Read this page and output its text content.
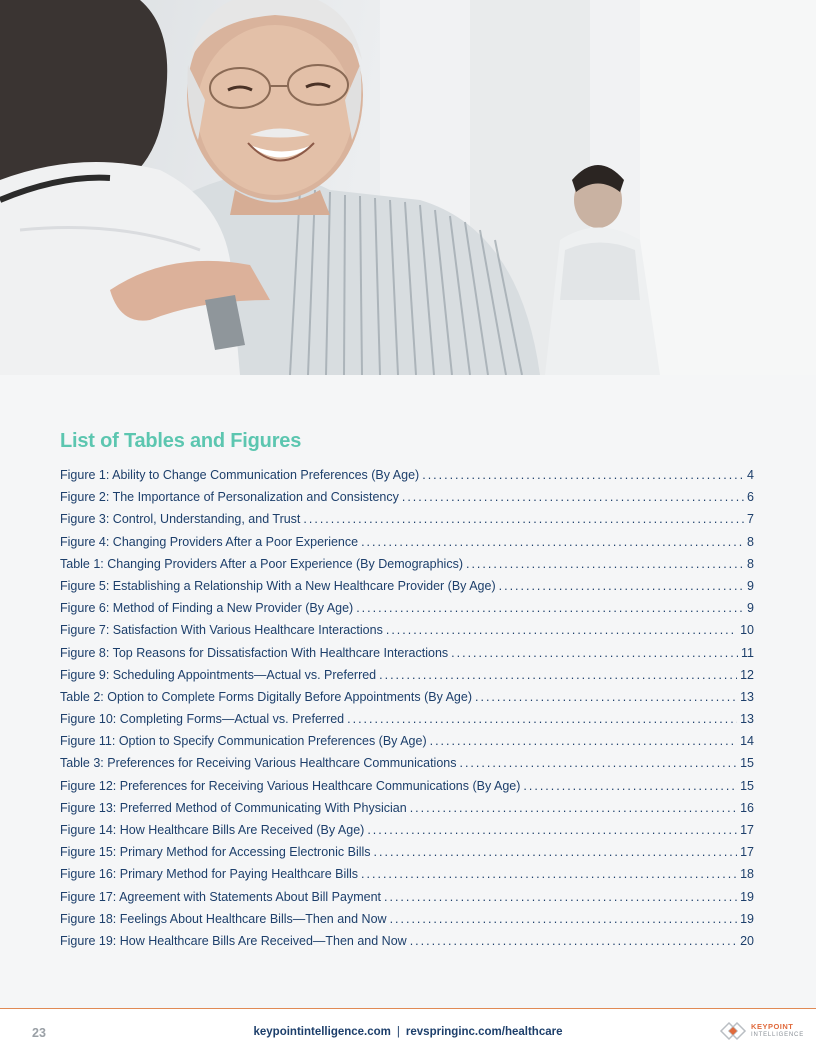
List of Tables and Figures
Figure 1: Ability to Change Communication Preferences (By Age) .....	4
Figure 2: The Importance of Personalization and Consistency .....	6
Figure 3: Control, Understanding, and Trust .....	7
Figure 4: Changing Providers After a Poor Experience .....	8
Table 1: Changing Providers After a Poor Experience (By Demographics) .....	8
Figure 5: Establishing a Relationship With a New Healthcare Provider (By Age) .....	9
Figure 6: Method of Finding a New Provider (By Age) .....	9
Figure 7: Satisfaction With Various Healthcare Interactions .....	10
Figure 8: Top Reasons for Dissatisfaction With Healthcare Interactions .....	11
Figure 9: Scheduling Appointments—Actual vs. Preferred .....	12
Table 2: Option to Complete Forms Digitally Before Appointments (By Age) .....	13
Figure 10: Completing Forms—Actual vs. Preferred .....	13
Figure 11: Option to Specify Communication Preferences (By Age) .....	14
Table 3: Preferences for Receiving Various Healthcare Communications .....	15
Figure 12: Preferences for Receiving Various Healthcare Communications (By Age) .....	15
Figure 13: Preferred Method of Communicating With Physician .....	16
Figure 14: How Healthcare Bills Are Received (By Age) .....	17
Figure 15: Primary Method for Accessing Electronic Bills .....	17
Figure 16: Primary Method for Paying Healthcare Bills .....	18
Figure 17: Agreement with Statements About Bill Payment .....	19
Figure 18: Feelings About Healthcare Bills—Then and Now .....	19
Figure 19: How Healthcare Bills Are Received—Then and Now .....	20
23	keypointintelligence.com | revspringinc.com/healthcare	KEYPOINT
INTELLIGENCE
